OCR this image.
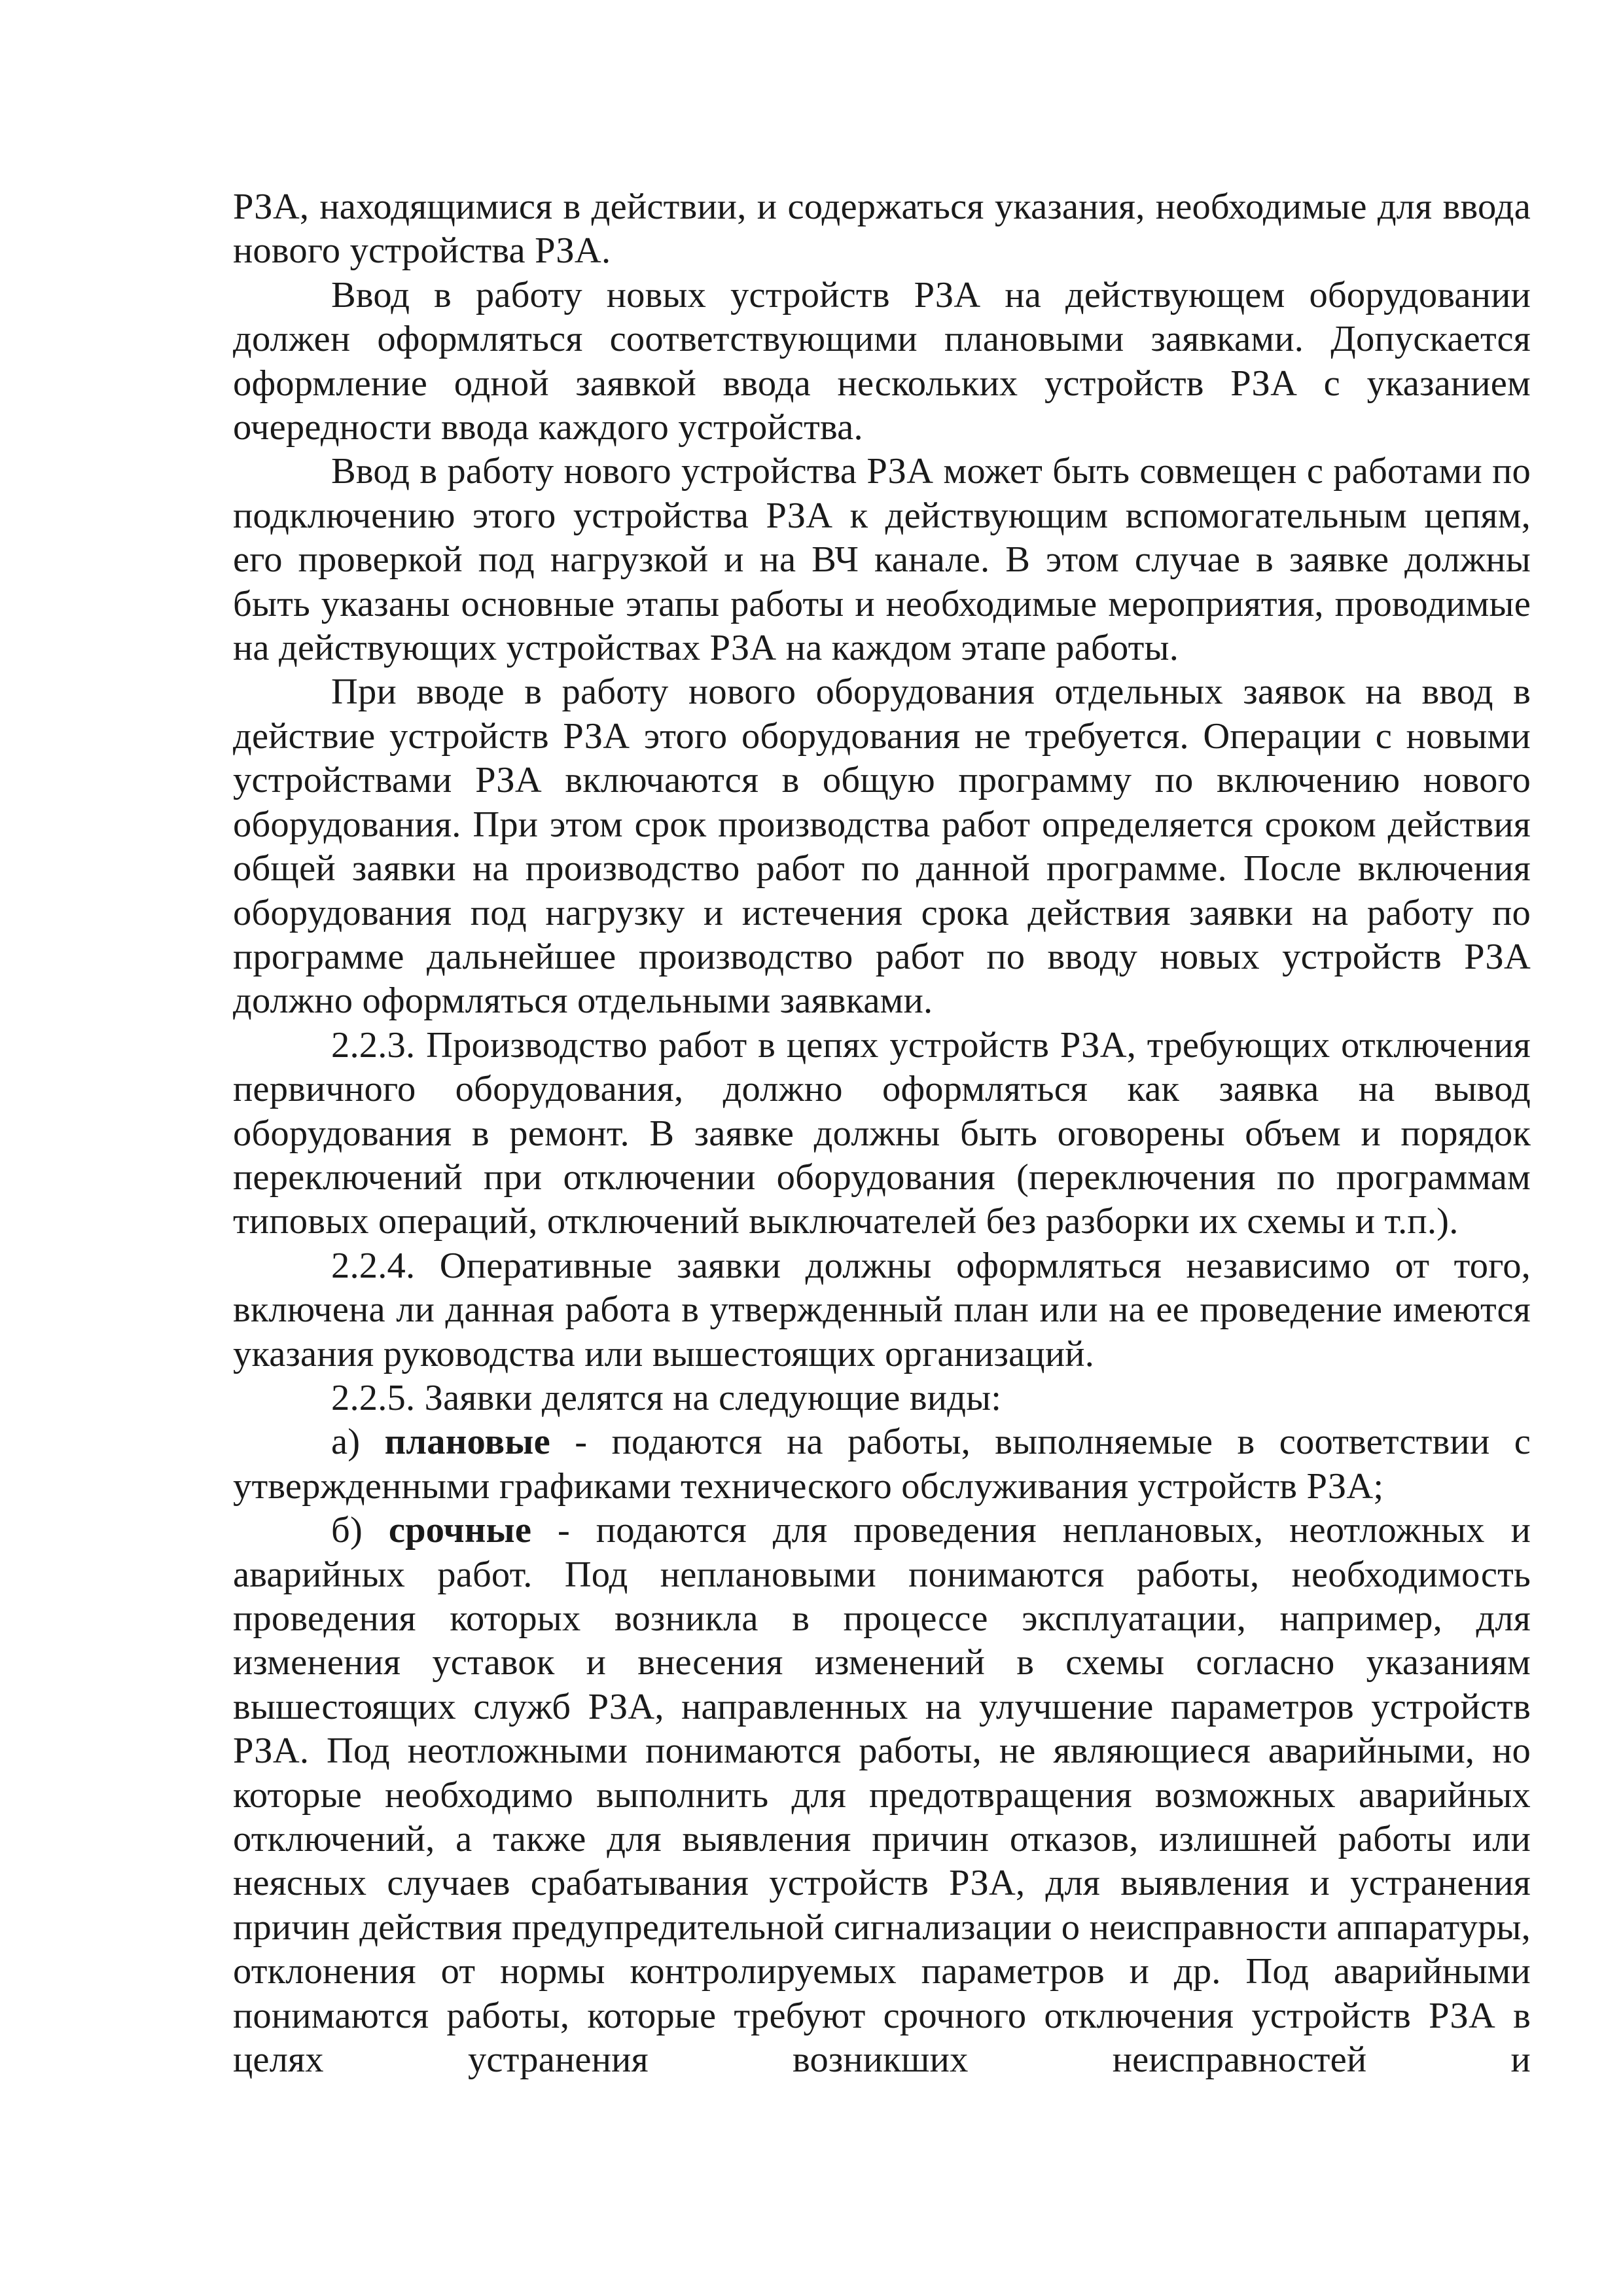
РЗА, находящимися в действии, и содержаться указания, необходимые для ввода нового устройства РЗА.

Ввод в работу новых устройств РЗА на действующем оборудовании должен оформляться соответствующими плановыми заявками. Допускается оформление одной заявкой ввода нескольких устройств РЗА с указанием очередности ввода каждого устройства.

Ввод в работу нового устройства РЗА может быть совмещен с работами по подключению этого устройства РЗА к действующим вспомогательным цепям, его проверкой под нагрузкой и на ВЧ канале. В этом случае в заявке должны быть указаны основные этапы работы и необходимые мероприятия, проводимые на действующих устройствах РЗА на каждом этапе работы.

При вводе в работу нового оборудования отдельных заявок на ввод в действие устройств РЗА этого оборудования не требуется. Операции с новыми устройствами РЗА включаются в общую программу по включению нового оборудования. При этом срок производства работ определяется сроком действия общей заявки на производство работ по данной программе. После включения оборудования под нагрузку и истечения срока действия заявки на работу по программе дальнейшее производство работ по вводу новых устройств РЗА должно оформляться отдельными заявками.

2.2.3. Производство работ в цепях устройств РЗА, требующих отключения первичного оборудования, должно оформляться как заявка на вывод оборудования в ремонт. В заявке должны быть оговорены объем и порядок переключений при отключении оборудования (переключения по программам типовых операций, отключений выключателей без разборки их схемы и т.п.).

2.2.4. Оперативные заявки должны оформляться независимо от того, включена ли данная работа в утвержденный план или на ее проведение имеются указания руководства или вышестоящих организаций.

2.2.5. Заявки делятся на следующие виды:

а) плановые - подаются на работы, выполняемые в соответствии с утвержденными графиками технического обслуживания устройств РЗА;

б) срочные - подаются для проведения неплановых, неотложных и аварийных работ. Под неплановыми понимаются работы, необходимость проведения которых возникла в процессе эксплуатации, например, для изменения уставок и внесения изменений в схемы согласно указаниям вышестоящих служб РЗА, направленных на улучшение параметров устройств РЗА. Под неотложными понимаются работы, не являющиеся аварийными, но которые необходимо выполнить для предотвращения возможных аварийных отключений, а также для выявления причин отказов, излишней работы или неясных случаев срабатывания устройств РЗА, для выявления и устранения причин действия предупредительной сигнализации о неисправности аппаратуры, отклонения от нормы контролируемых параметров и др. Под аварийными понимаются работы, которые требуют срочного отключения устройств РЗА в целях устранения возникших неисправностей и
